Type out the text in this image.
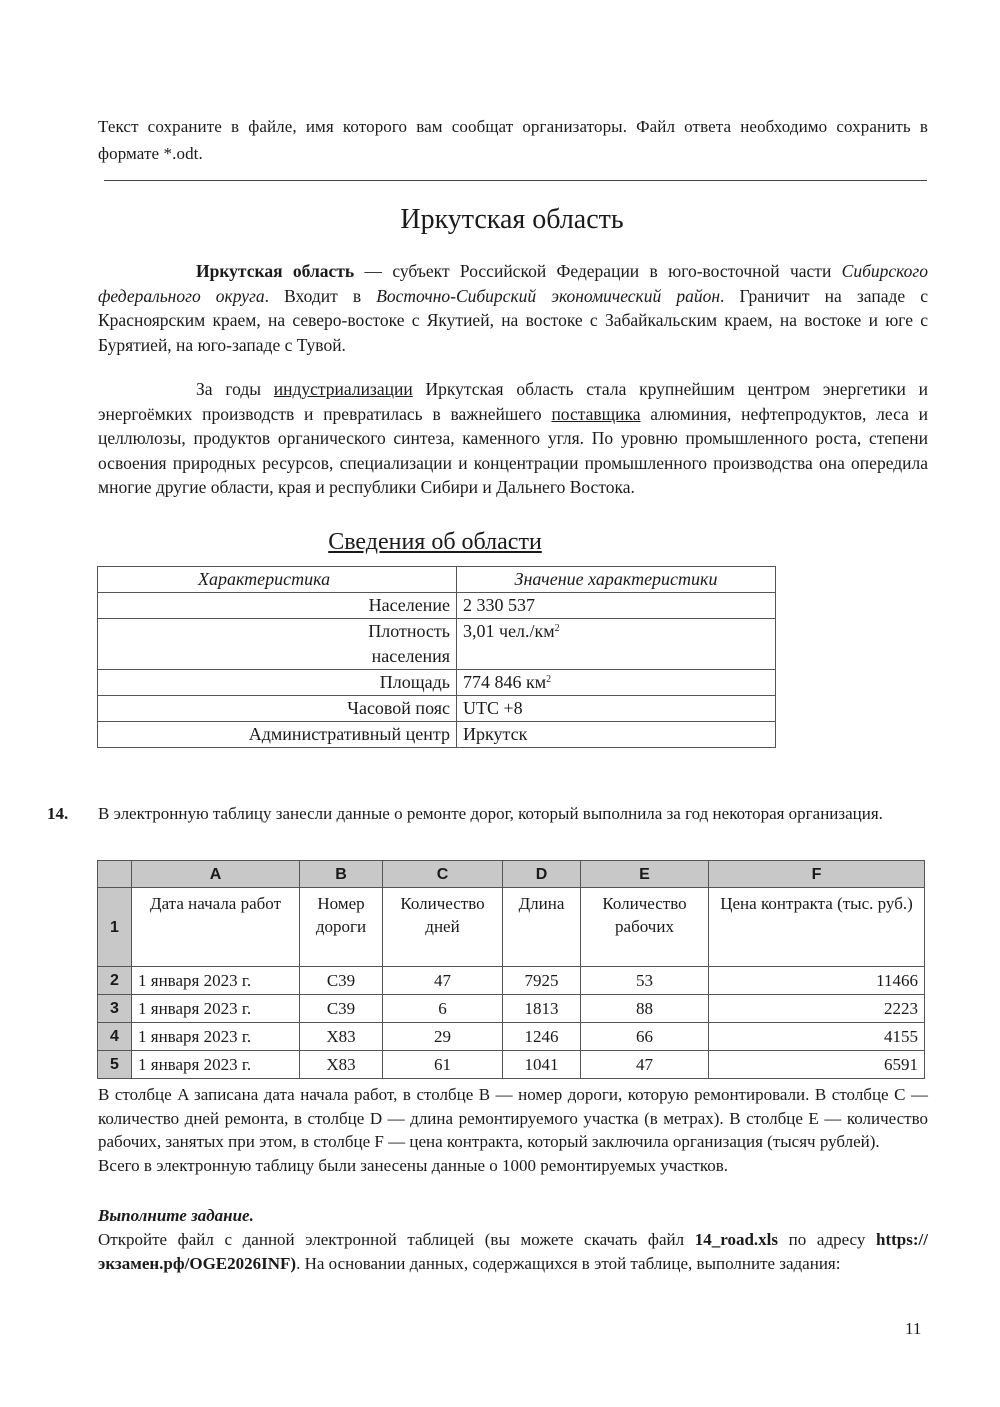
Текст сохраните в файле, имя которого вам сообщат организаторы. Файл ответа необходимо сохранить в формате *.odt.
Иркутская область
Иркутская область — субъект Российской Федерации в юго-восточной части Сибирского федерального округа. Входит в Восточно-Сибирский экономический район. Граничит на западе с Красноярским краем, на северо-востоке с Якутией, на востоке с Забайкальским краем, на востоке и юге с Бурятией, на юго-западе с Тувой.
За годы индустриализации Иркутская область стала крупнейшим центром энергетики и энергоёмких производств и превратилась в важнейшего поставщика алюминия, нефтепродуктов, леса и целлюлозы, продуктов органического синтеза, каменного угля. По уровню промышленного роста, степени освоения природных ресурсов, специализации и концентрации промышленного производства она опередила многие другие области, края и республики Сибири и Дальнего Востока.
Сведения об области
Характеристика	Значение характеристики
Население	2 330 537
Плотность населения	3,01 $чел./км^2$
Площадь	774 846 $км^2$
Часовой пояс	UTC +8
Административный центр	Иркутск
14. В электронную таблицу занесли данные о ремонте дорог, который выполнила за год некоторая организация.
	A	B	C	D	E	F
1	Дата начала работ	Номер дороги	Количество дней	Длина	Количество рабочих	Цена контракта (тыс. руб.)
2	1 января 2023 г.	С39	47	7925	53	11466
3	1 января 2023 г.	С39	6	1813	88	2223
4	1 января 2023 г.	Х83	29	1246	66	4155
5	1 января 2023 г.	Х83	61	1041	47	6591
В столбце A записана дата начала работ, в столбце B — номер дороги, которую ремонтировали. В столбце C — количество дней ремонта, в столбце D — длина ремонтируемого участка (в метрах). В столбце E — количество рабочих, занятых при этом, в столбце F — цена контракта, который заключила организация (тысяч рублей).
Всего в электронную таблицу были занесены данные о 1000 ремонтируемых участков.
Выполните задание.
Откройте файл с данной электронной таблицей (вы можете скачать файл 14_road.xls по адресу https://экзамен.рф/OGE2026INF). На основании данных, содержащихся в этой таблице, выполните задания:
11
